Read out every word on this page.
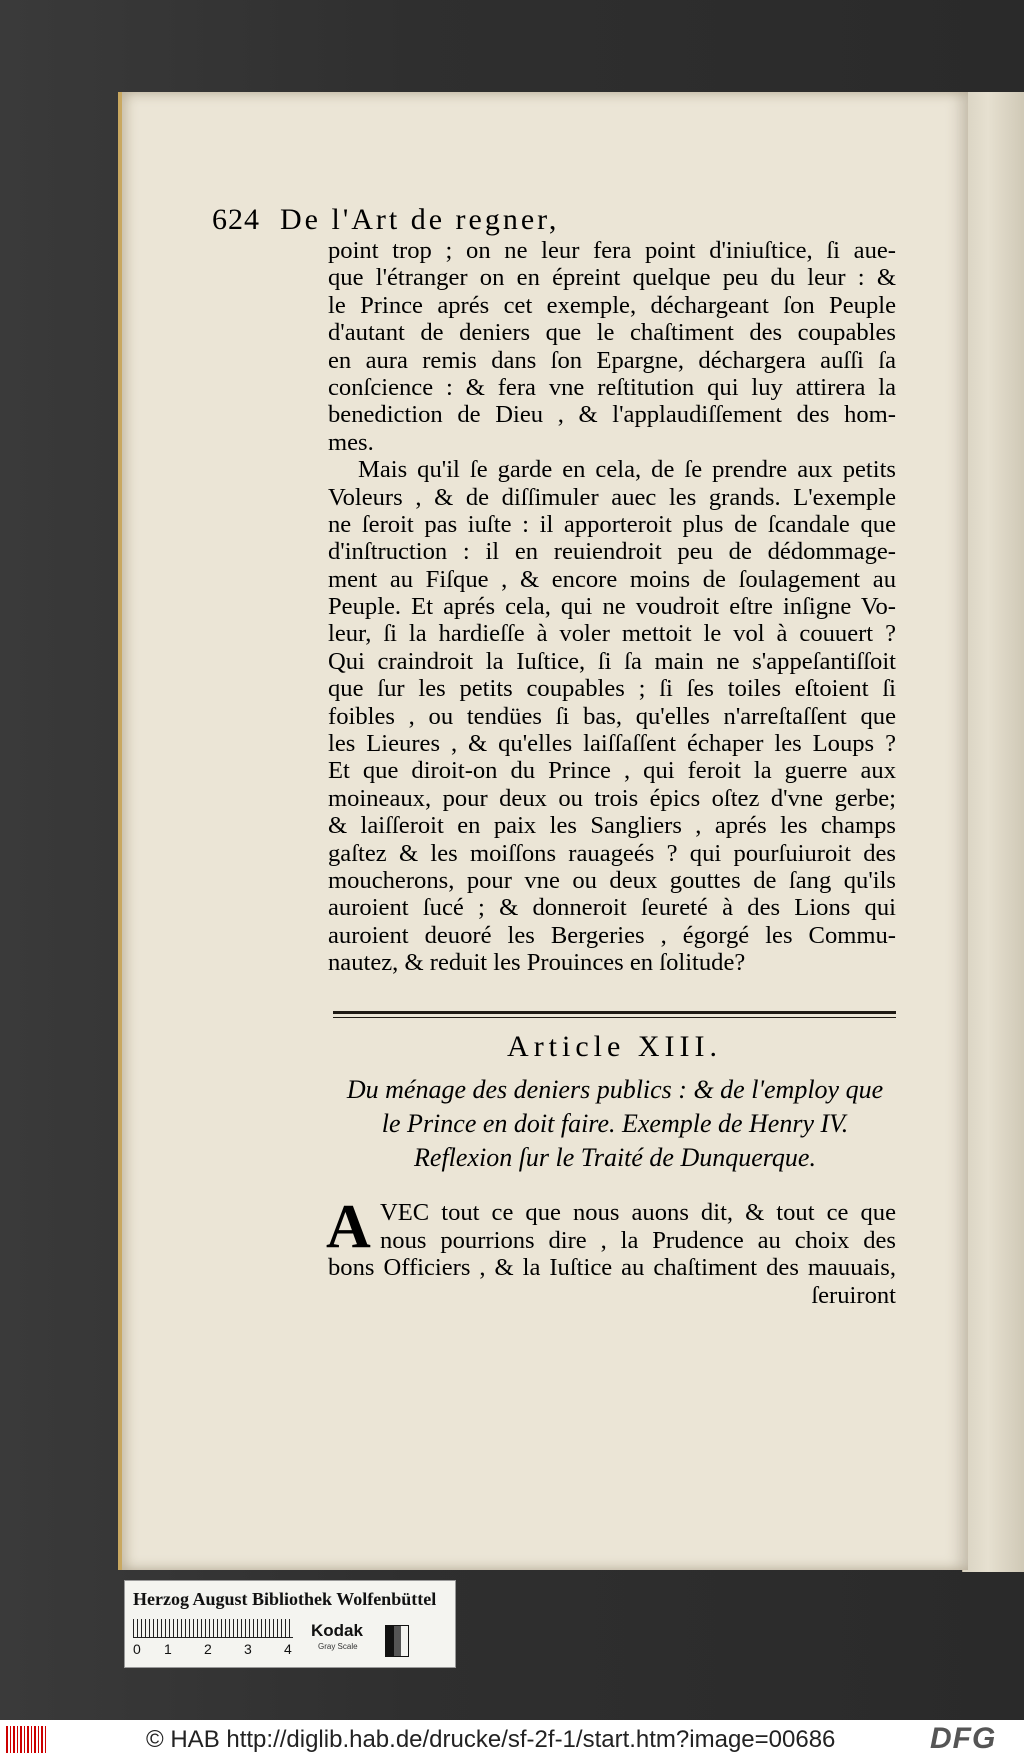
624 De l'Art de regner,
point trop ; on ne leur fera point d'iniuſtice, ſi aue-
que l'étranger on en épreint quelque peu du leur : &
le Prince aprés cet exemple, déchargeant ſon Peuple
d'autant de deniers que le chaſtiment des coupables
en aura remis dans ſon Epargne, déchargera auſſi ſa
conſcience : & fera vne reſtitution qui luy attirera la
benediction de Dieu , & l'applaudiſſement des hom-
mes.
Mais qu'il ſe garde en cela, de ſe prendre aux petits
Voleurs , & de diſſimuler auec les grands. L'exemple
ne ſeroit pas iuſte : il apporteroit plus de ſcandale que
d'inſtruction : il en reuiendroit peu de dédommage-
ment au Fiſque , & encore moins de ſoulagement au
Peuple. Et aprés cela, qui ne voudroit eſtre inſigne Vo-
leur, ſi la hardieſſe à voler mettoit le vol à couuert ?
Qui craindroit la Iuſtice, ſi ſa main ne s'appeſantiſſoit
que ſur les petits coupables ; ſi ſes toiles eſtoient ſi
foibles , ou tendües ſi bas, qu'elles n'arreſtaſſent que
les Lieures , & qu'elles laiſſaſſent échaper les Loups ?
Et que diroit-on du Prince , qui feroit la guerre aux
moineaux, pour deux ou trois épics oſtez d'vne gerbe;
& laiſſeroit en paix les Sangliers , aprés les champs
gaſtez & les moiſſons rauageés ? qui pourſuiuroit des
moucherons, pour vne ou deux gouttes de ſang qu'ils
auroient ſucé ; & donneroit ſeureté à des Lions qui
auroient deuoré les Bergeries , égorgé les Commu-
nautez, & reduit les Prouinces en ſolitude?
Article XIII.
Du ménage des deniers publics : & de l'employ que
le Prince en doit faire. Exemple de Henry IV.
Reflexion ſur le Traité de Dunquerque.
A VEC tout ce que nous auons dit, & tout ce que
nous pourrions dire , la Prudence au choix des
bons Officiers , & la Iuſtice au chaſtiment des mauuais,
ſeruiront
Herzog August Bibliothek Wolfenbüttel
0 1 2 3 4
Kodak
Gray Scale
© HAB http://diglib.hab.de/drucke/sf-2f-1/start.htm?image=00686	DFG
